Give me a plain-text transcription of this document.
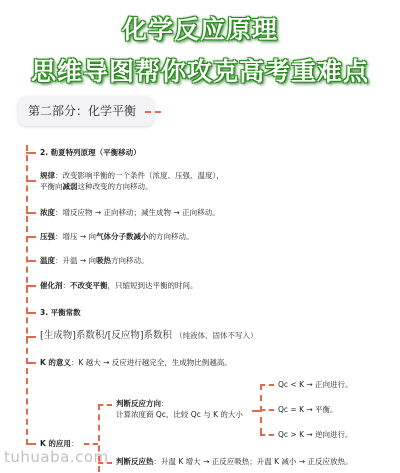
化学反应原理
思维导图帮你攻克高考重难点
第二部分：化学平衡
2. 勒夏特列原理（平衡移动）
规律：改变影响平衡的一个条件（浓度、压强、温度），
平衡向减弱这种改变的方向移动。
浓度：增反应物 → 正向移动；减生成物 → 正向移动。
压强：增压 → 向气体分子数减小的方向移动。
温度：升温 → 向吸热方向移动。
催化剂：不改变平衡，只缩短到达平衡的时间。
3. 平衡常数
[生成物]系数积/[反应物]系数积 （纯液体、固体不写入）
K 的意义：K 越大 → 反应进行越完全，生成物比例越高。
K 的应用：
判断反应方向：
计算浓度商 Qc，比较 Qc 与 K 的大小
Qc < K → 正向进行。
Qc = K → 平衡。
Qc > K → 逆向进行。
判断反应热：升温 K 增大 → 正反应吸热；升温 K 减小 → 正反应放热。
tuhuaba.com
